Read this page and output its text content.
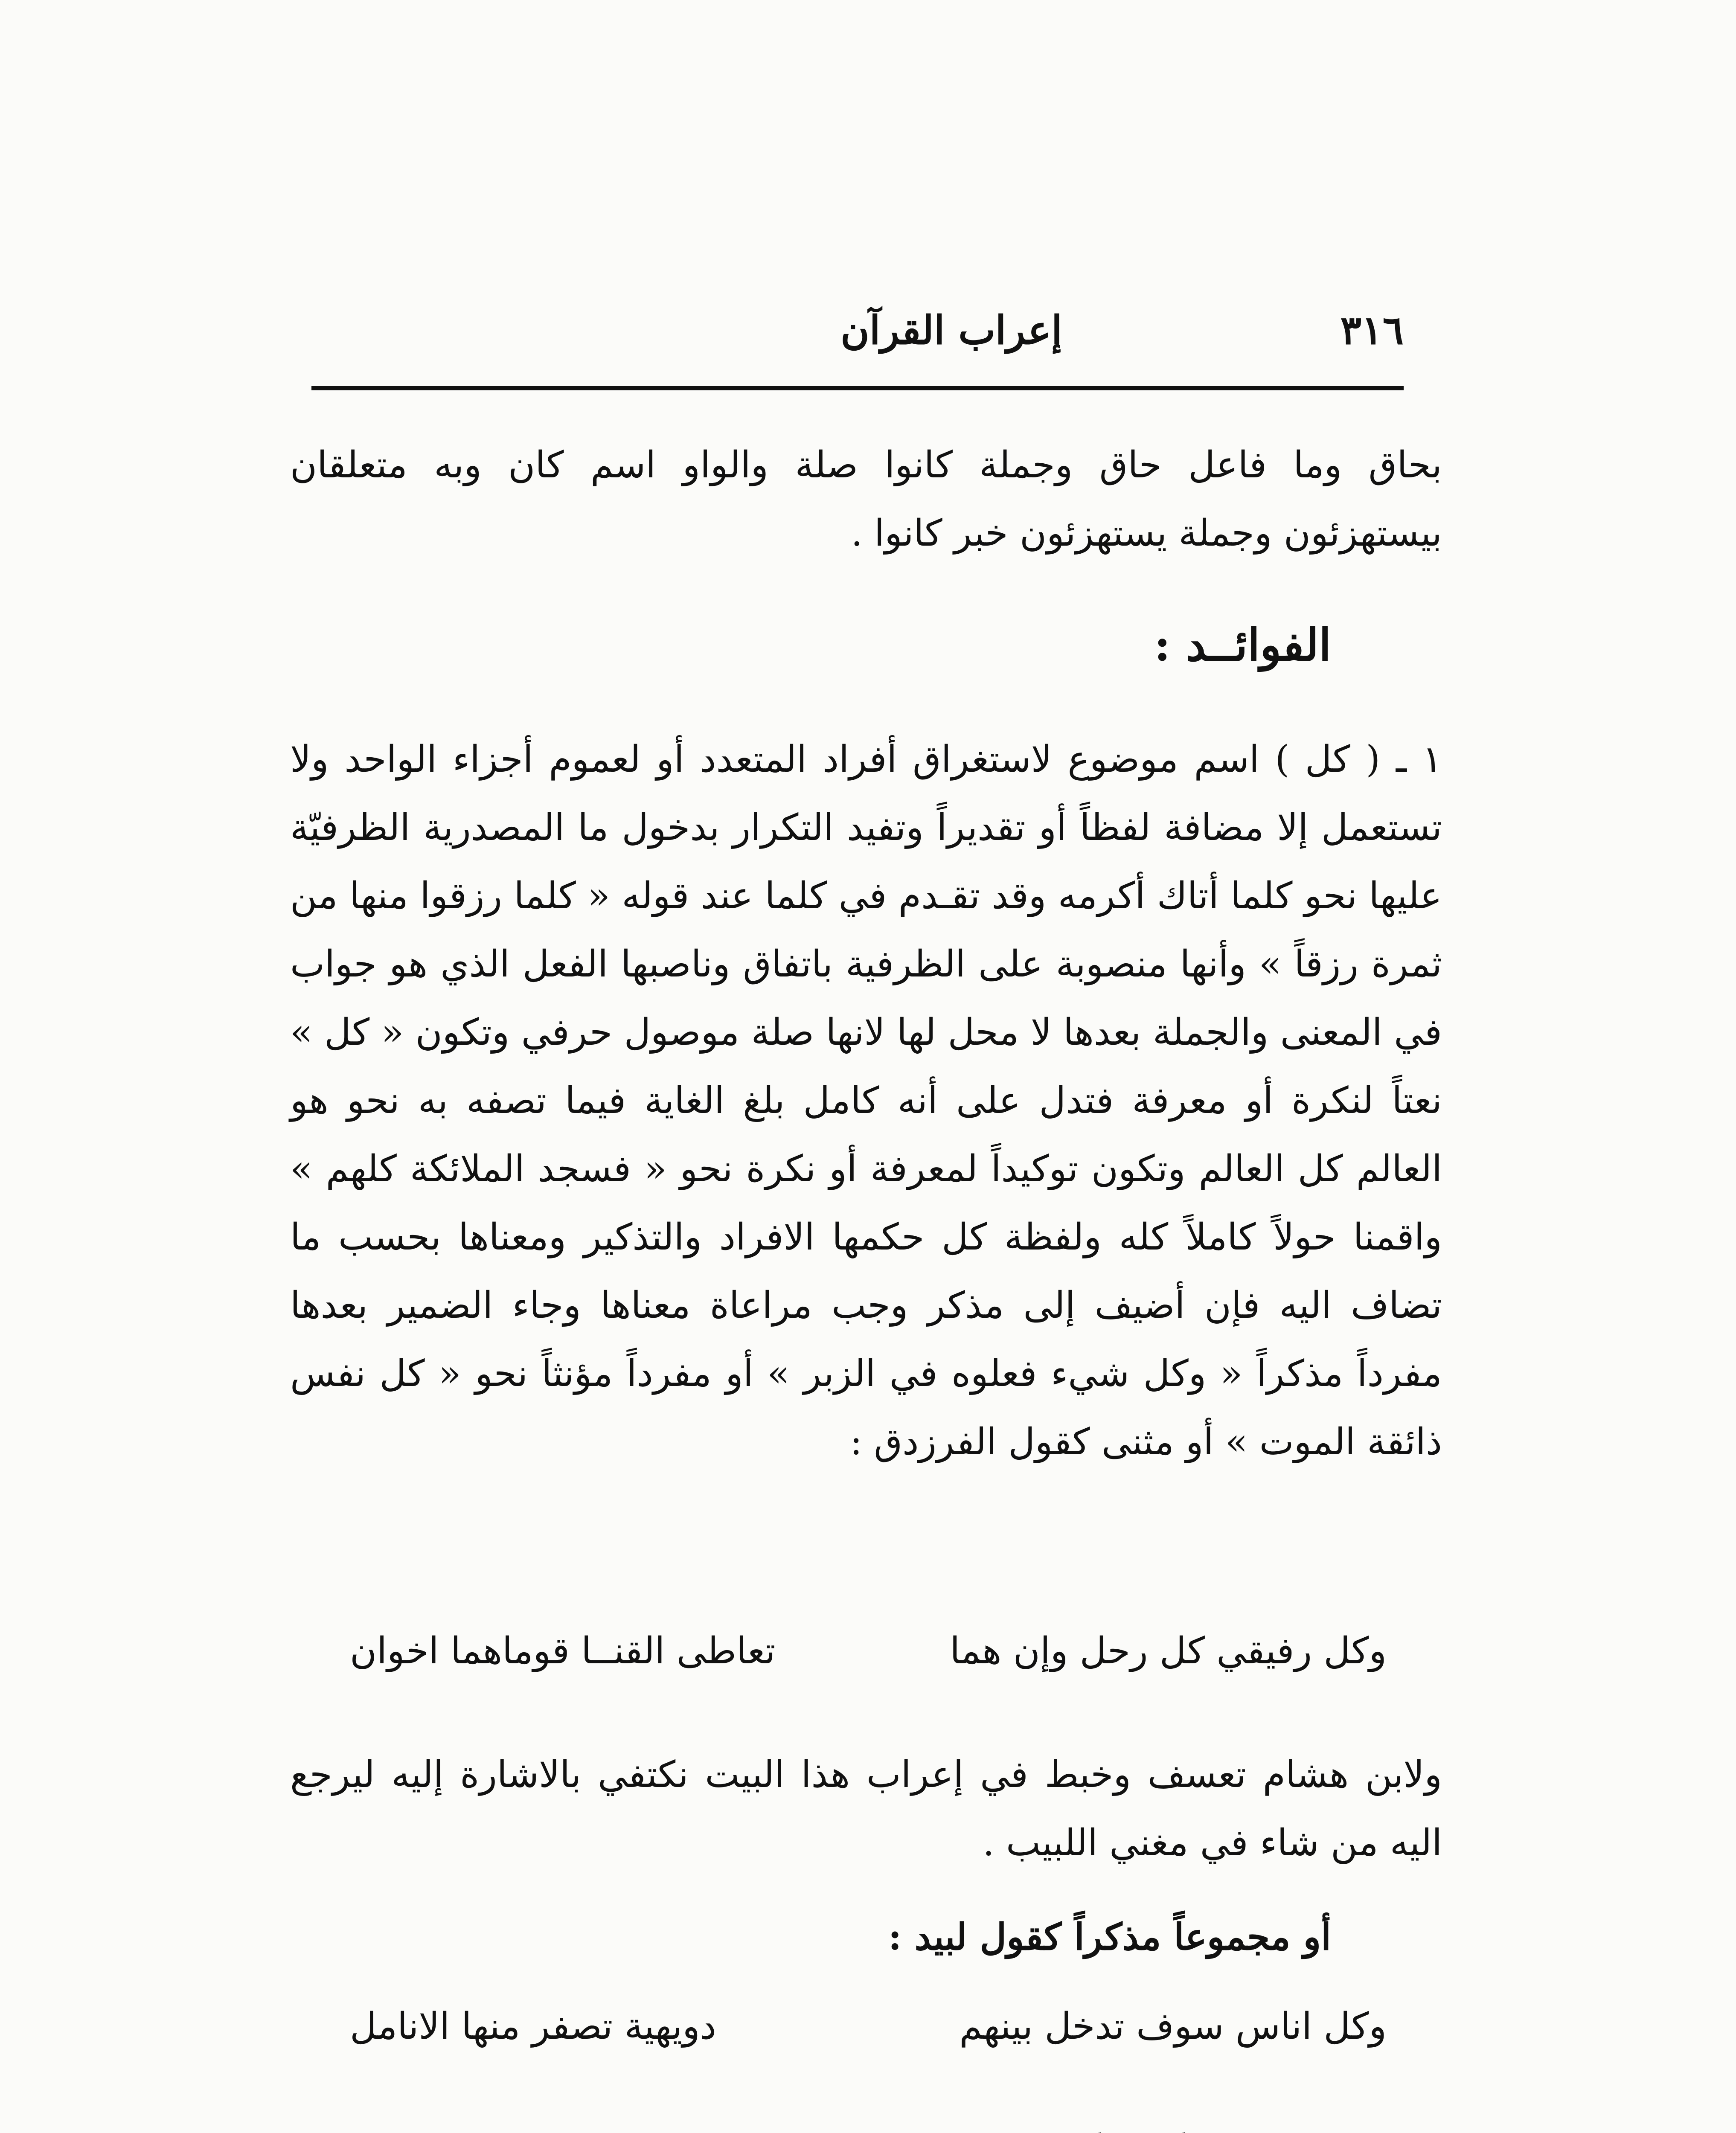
٣١٦
إعراب القرآن
بحاق وما فاعل حاق وجملة كانوا صلة والواو اسم كان وبه متعلقان بيستهزئون وجملة يستهزئون خبر كانوا .
الفوائــد :
١ ـ ( كل ) اسم موضوع لاستغراق أفراد المتعدد أو لعموم أجزاء الواحد ولا تستعمل إلا مضافة لفظاً أو تقديراً وتفيد التكرار بدخول ما المصدرية الظرفيّة عليها نحو كلما أتاك أكرمه وقد تقـدم في كلما عند قوله « كلما رزقوا منها من ثمرة رزقاً » وأنها منصوبة على الظرفية باتفاق وناصبها الفعل الذي هو جواب في المعنى والجملة بعدها لا محل لها لانها صلة موصول حرفي وتكون « كل » نعتاً لنكرة أو معرفة فتدل على أنه كامل بلغ الغاية فيما تصفه به نحو هو العالم كل العالم وتكون توكيداً لمعرفة أو نكرة نحو « فسجد الملائكة كلهم » واقمنا حولاً كاملاً كله ولفظة كل حكمها الافراد والتذكير ومعناها بحسب ما تضاف اليه فإن أضيف إلى مذكر وجب مراعاة معناها وجاء الضمير بعدها مفرداً مذكراً « وكل شيء فعلوه في الزبر » أو مفرداً مؤنثاً نحو « كل نفس ذائقة الموت » أو مثنى كقول الفرزدق :
وكل رفيقي كل رحل وإن هما
تعاطى القنــا قوماهما اخوان
ولابن هشام تعسف وخبط في إعراب هذا البيت نكتفي بالاشارة إليه ليرجع اليه من شاء في مغني اللبيب .
أو مجموعاً مذكراً كقول لبيد :
وكل اناس سوف تدخل بينهم
دويهية تصفر منها الانامل
